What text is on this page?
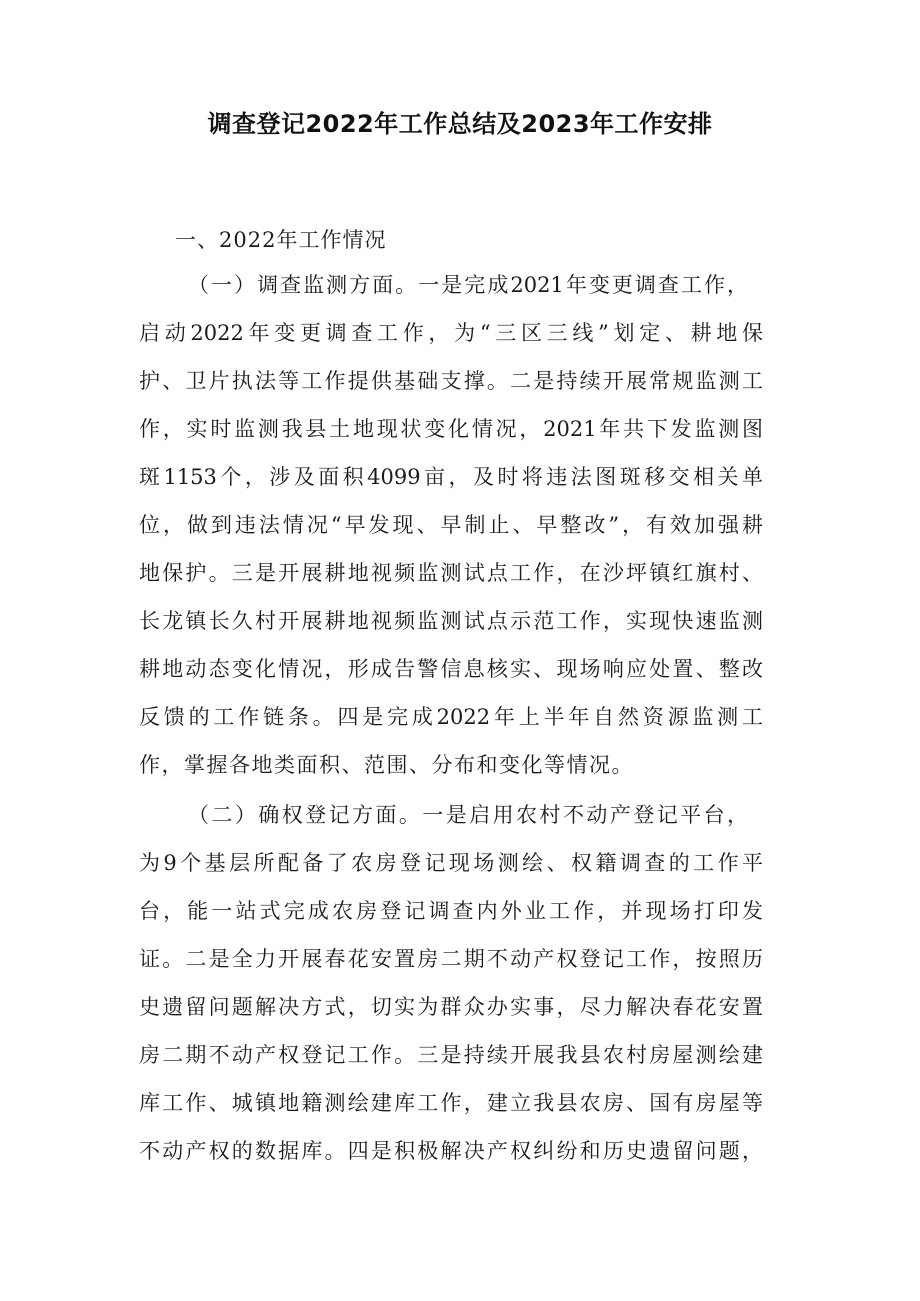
调查登记2022年工作总结及2023年工作安排
一、2022年工作情况
（一）调查监测方面。一是完成2021年变更调查工作，
启动2022年变更调查工作，为“三区三线”划定、耕地保
护、卫片执法等工作提供基础支撑。二是持续开展常规监测工
作，实时监测我县土地现状变化情况，2021年共下发监测图
斑1153个，涉及面积4099亩，及时将违法图斑移交相关单
位，做到违法情况“早发现、早制止、早整改”，有效加强耕
地保护。三是开展耕地视频监测试点工作，在沙坪镇红旗村、
长龙镇长久村开展耕地视频监测试点示范工作，实现快速监测
耕地动态变化情况，形成告警信息核实、现场响应处置、整改
反馈的工作链条。四是完成2022年上半年自然资源监测工
作，掌握各地类面积、范围、分布和变化等情况。
（二）确权登记方面。一是启用农村不动产登记平台，
为9个基层所配备了农房登记现场测绘、权籍调查的工作平
台，能一站式完成农房登记调查内外业工作，并现场打印发
证。二是全力开展春花安置房二期不动产权登记工作，按照历
史遗留问题解决方式，切实为群众办实事，尽力解决春花安置
房二期不动产权登记工作。三是持续开展我县农村房屋测绘建
库工作、城镇地籍测绘建库工作，建立我县农房、国有房屋等
不动产权的数据库。四是积极解决产权纠纷和历史遗留问题，
